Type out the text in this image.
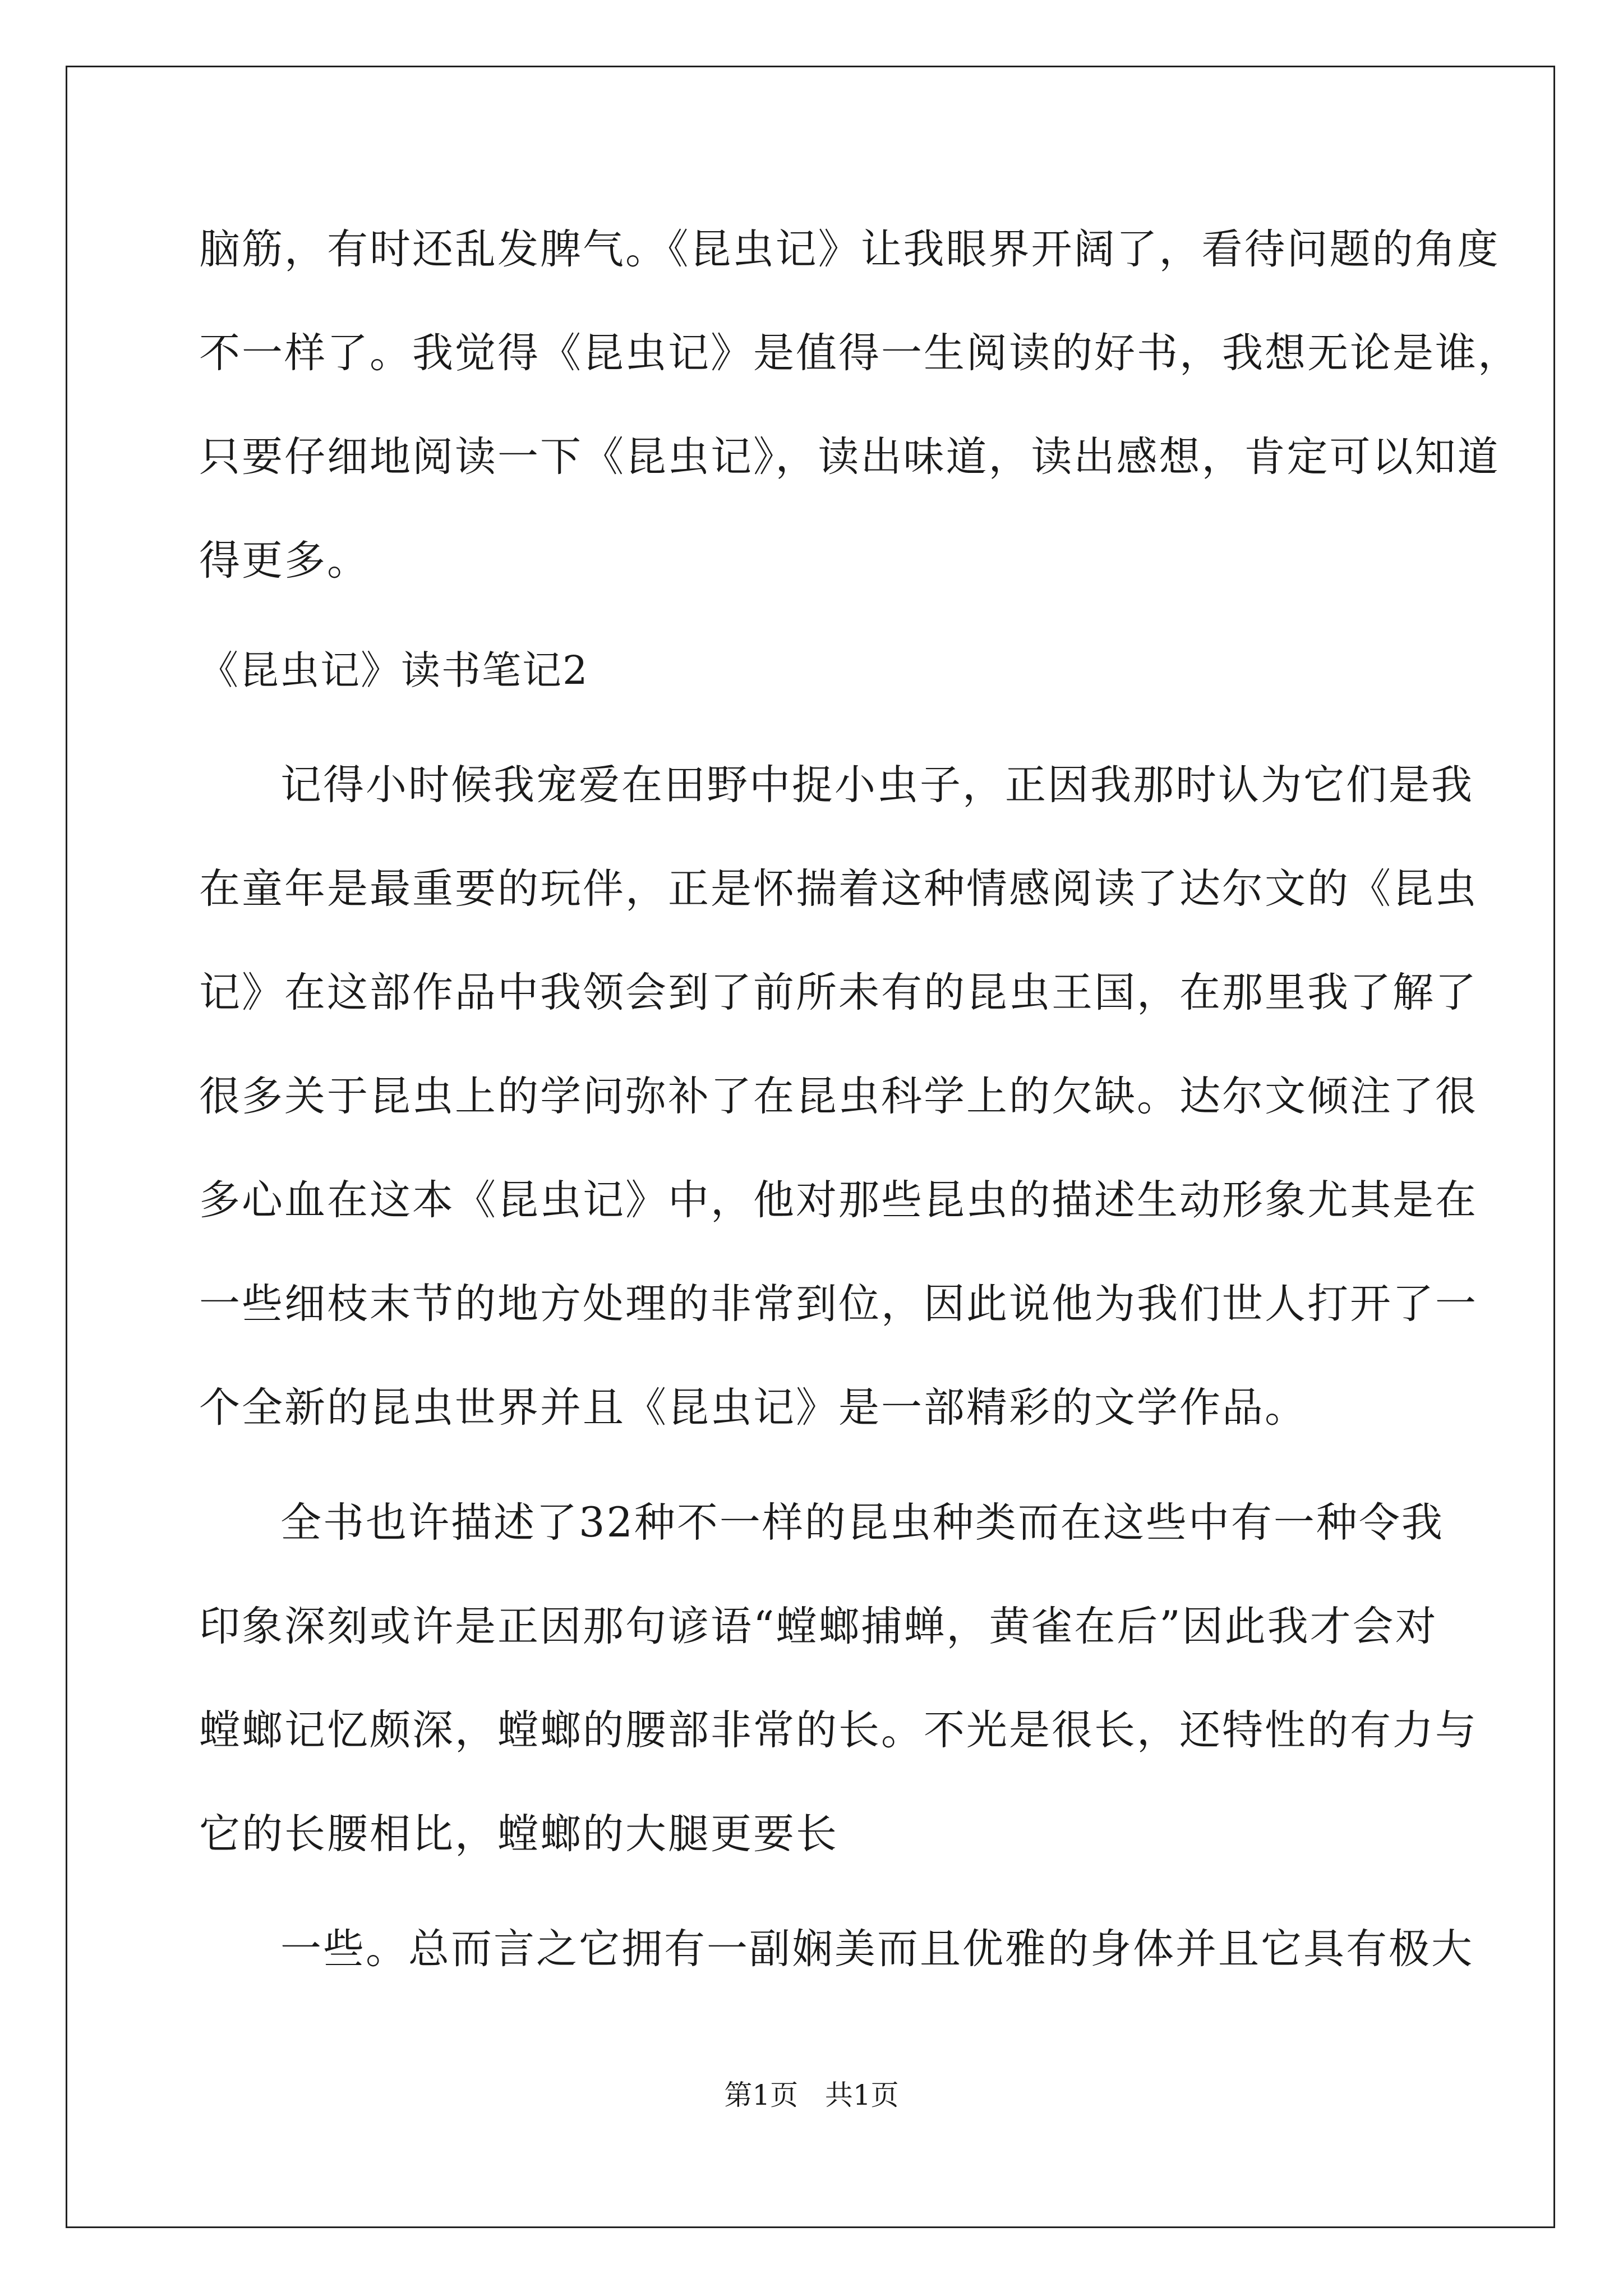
脑筋，有时还乱发脾气。《昆虫记》让我眼界开阔了，看待问题的角度
不一样了。我觉得《昆虫记》是值得一生阅读的好书，我想无论是谁，
只要仔细地阅读一下《昆虫记》，读出味道，读出感想，肯定可以知道
得更多。
《昆虫记》读书笔记2
记得小时候我宠爱在田野中捉小虫子，正因我那时认为它们是我
在童年是最重要的玩伴，正是怀揣着这种情感阅读了达尔文的《昆虫
记》在这部作品中我领会到了前所未有的昆虫王国，在那里我了解了
很多关于昆虫上的学问弥补了在昆虫科学上的欠缺。达尔文倾注了很
多心血在这本《昆虫记》中，他对那些昆虫的描述生动形象尤其是在
一些细枝末节的地方处理的非常到位，因此说他为我们世人打开了一
个全新的昆虫世界并且《昆虫记》是一部精彩的文学作品。
全书也许描述了32种不一样的昆虫种类而在这些中有一种令我
印象深刻或许是正因那句谚语“螳螂捕蝉，黄雀在后”因此我才会对
螳螂记忆颇深，螳螂的腰部非常的长。不光是很长，还特性的有力与
它的长腰相比，螳螂的大腿更要长
一些。总而言之它拥有一副娴美而且优雅的身体并且它具有极大
第1页   共1页
